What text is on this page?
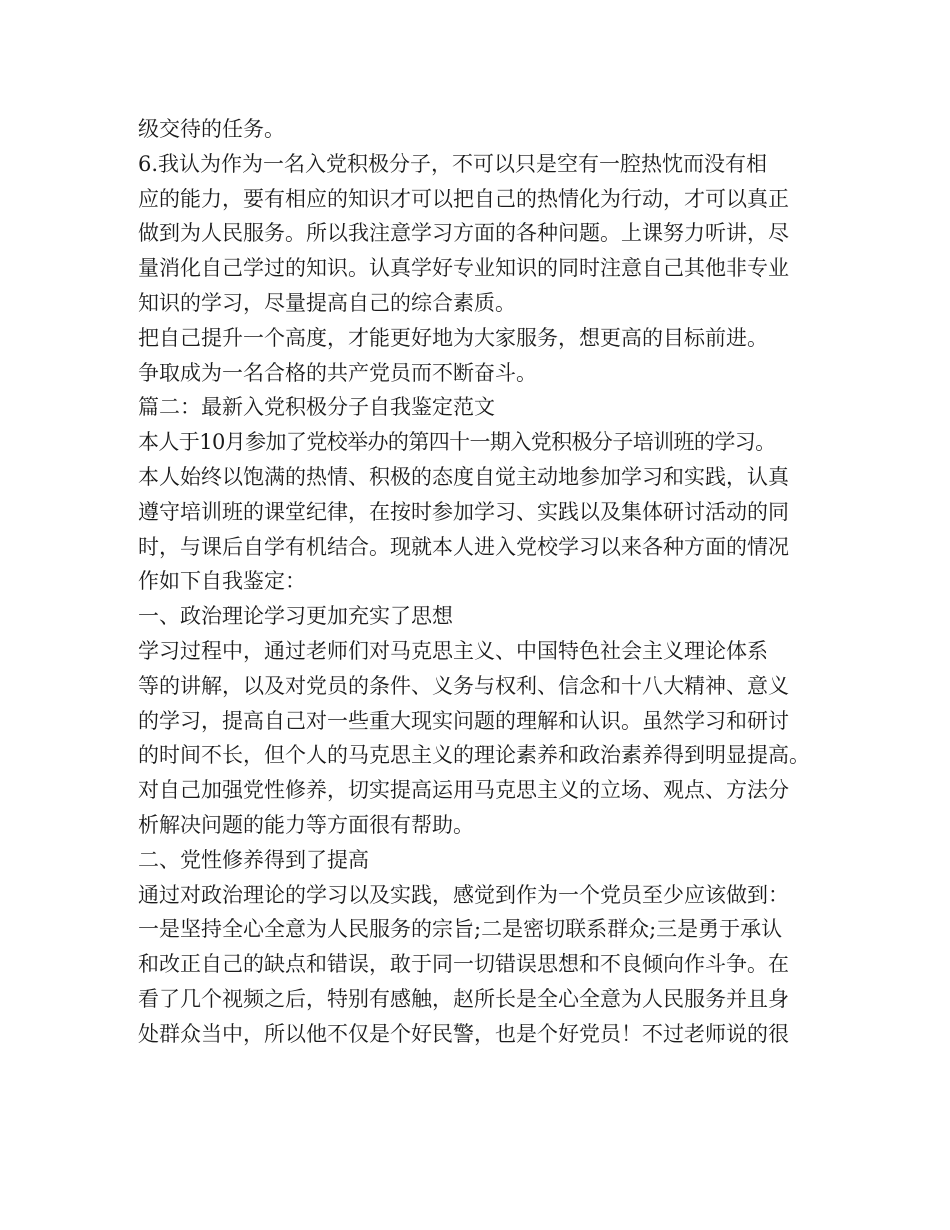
级交待的任务。
6.我认为作为一名入党积极分子，不可以只是空有一腔热忱而没有相
应的能力，要有相应的知识才可以把自己的热情化为行动，才可以真正
做到为人民服务。所以我注意学习方面的各种问题。上课努力听讲，尽
量消化自己学过的知识。认真学好专业知识的同时注意自己其他非专业
知识的学习，尽量提高自己的综合素质。
把自己提升一个高度，才能更好地为大家服务，想更高的目标前进。
争取成为一名合格的共产党员而不断奋斗。
篇二：最新入党积极分子自我鉴定范文
本人于10月参加了党校举办的第四十一期入党积极分子培训班的学习。
本人始终以饱满的热情、积极的态度自觉主动地参加学习和实践，认真
遵守培训班的课堂纪律，在按时参加学习、实践以及集体研讨活动的同
时，与课后自学有机结合。现就本人进入党校学习以来各种方面的情况
作如下自我鉴定：
一、政治理论学习更加充实了思想
学习过程中，通过老师们对马克思主义、中国特色社会主义理论体系
等的讲解，以及对党员的条件、义务与权利、信念和十八大精神、意义
的学习，提高自己对一些重大现实问题的理解和认识。虽然学习和研讨
的时间不长，但个人的马克思主义的理论素养和政治素养得到明显提高。
对自己加强党性修养，切实提高运用马克思主义的立场、观点、方法分
析解决问题的能力等方面很有帮助。
二、党性修养得到了提高
通过对政治理论的学习以及实践，感觉到作为一个党员至少应该做到：
一是坚持全心全意为人民服务的宗旨;二是密切联系群众;三是勇于承认
和改正自己的缺点和错误，敢于同一切错误思想和不良倾向作斗争。在
看了几个视频之后，特别有感触，赵所长是全心全意为人民服务并且身
处群众当中，所以他不仅是个好民警，也是个好党员！不过老师说的很
